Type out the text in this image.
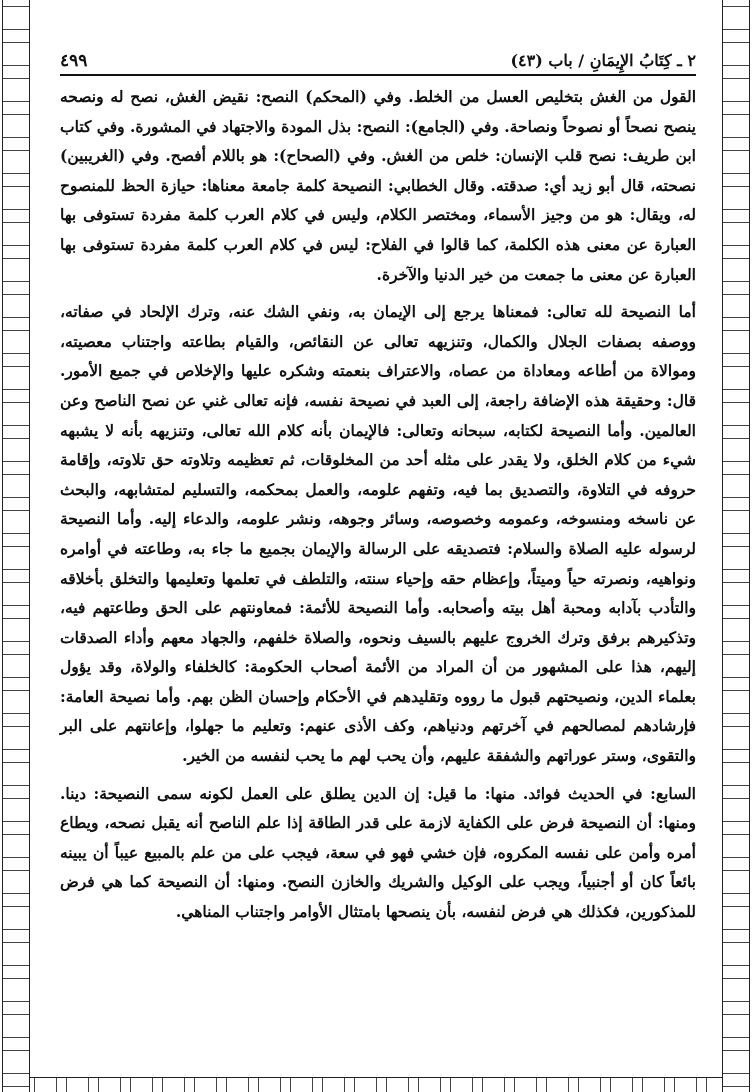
٢ ـ كِتَابُ الإِيمَانِ / باب (٤٣)
٤٩٩

القول من الغش بتخليص العسل من الخلط. وفي (المحكم) النصح: نقيض الغش، نصح له ونصحه ينصح نصحاً أو نصوحاً ونصاحة. وفي (الجامع): النصح: بذل المودة والاجتهاد في المشورة. وفي كتاب ابن طريف: نصح قلب الإنسان: خلص من الغش. وفي (الصحاح): هو باللام أفصح. وفي (الغريبين) نصحته، قال أبو زيد أي: صدقته. وقال الخطابي: النصيحة كلمة جامعة معناها: حيازة الحظ للمنصوح له، ويقال: هو من وجيز الأسماء، ومختصر الكلام، وليس في كلام العرب كلمة مفردة تستوفى بها العبارة عن معنى هذه الكلمة، كما قالوا في الفلاح: ليس في كلام العرب كلمة مفردة تستوفى بها العبارة عن معنى ما جمعت من خير الدنيا والآخرة.

أما النصيحة لله تعالى: فمعناها يرجع إلى الإيمان به، ونفي الشك عنه، وترك الإلحاد في صفاته، ووصفه بصفات الجلال والكمال، وتنزيهه تعالى عن النقائص، والقيام بطاعته واجتناب معصيته، وموالاة من أطاعه ومعاداة من عصاه، والاعتراف بنعمته وشكره عليها والإخلاص في جميع الأمور. قال: وحقيقة هذه الإضافة راجعة، إلى العبد في نصيحة نفسه، فإنه تعالى غني عن نصح الناصح وعن العالمين. وأما النصيحة لكتابه، سبحانه وتعالى: فالإيمان بأنه كلام الله تعالى، وتنزيهه بأنه لا يشبهه شيء من كلام الخلق، ولا يقدر على مثله أحد من المخلوقات، ثم تعظيمه وتلاوته حق تلاوته، وإقامة حروفه في التلاوة، والتصديق بما فيه، وتفهم علومه، والعمل بمحكمه، والتسليم لمتشابهه، والبحث عن ناسخه ومنسوخه، وعمومه وخصوصه، وسائر وجوهه، ونشر علومه، والدعاء إليه. وأما النصيحة لرسوله عليه الصلاة والسلام: فتصديقه على الرسالة والإيمان بجميع ما جاء به، وطاعته في أوامره ونواهيه، ونصرته حياً وميتاً، وإعظام حقه وإحياء سنته، والتلطف في تعلمها وتعليمها والتخلق بأخلاقه والتأدب بآدابه ومحبة أهل بيته وأصحابه. وأما النصيحة للأئمة: فمعاونتهم على الحق وطاعتهم فيه، وتذكيرهم برفق وترك الخروج عليهم بالسيف ونحوه، والصلاة خلفهم، والجهاد معهم وأداء الصدقات إليهم، هذا على المشهور من أن المراد من الأئمة أصحاب الحكومة: كالخلفاء والولاة، وقد يؤول بعلماء الدين، ونصيحتهم قبول ما رووه وتقليدهم في الأحكام وإحسان الظن بهم. وأما نصيحة العامة: فإرشادهم لمصالحهم في آخرتهم ودنياهم، وكف الأذى عنهم: وتعليم ما جهلوا، وإعانتهم على البر والتقوى، وستر عوراتهم والشفقة عليهم، وأن يحب لهم ما يحب لنفسه من الخير.

السابع: في الحديث فوائد. منها: ما قيل: إن الدين يطلق على العمل لكونه سمى النصيحة: دينا. ومنها: أن النصيحة فرض على الكفاية لازمة على قدر الطاقة إذا علم الناصح أنه يقبل نصحه، ويطاع أمره وأمن على نفسه المكروه، فإن خشي فهو في سعة، فيجب على من علم بالمبيع عيباً أن يبينه بائعاً كان أو أجنبياً، ويجب على الوكيل والشريك والخازن النصح. ومنها: أن النصيحة كما هي فرض للمذكورين، فكذلك هي فرض لنفسه، بأن ينصحها بامتثال الأوامر واجتناب المناهي.
